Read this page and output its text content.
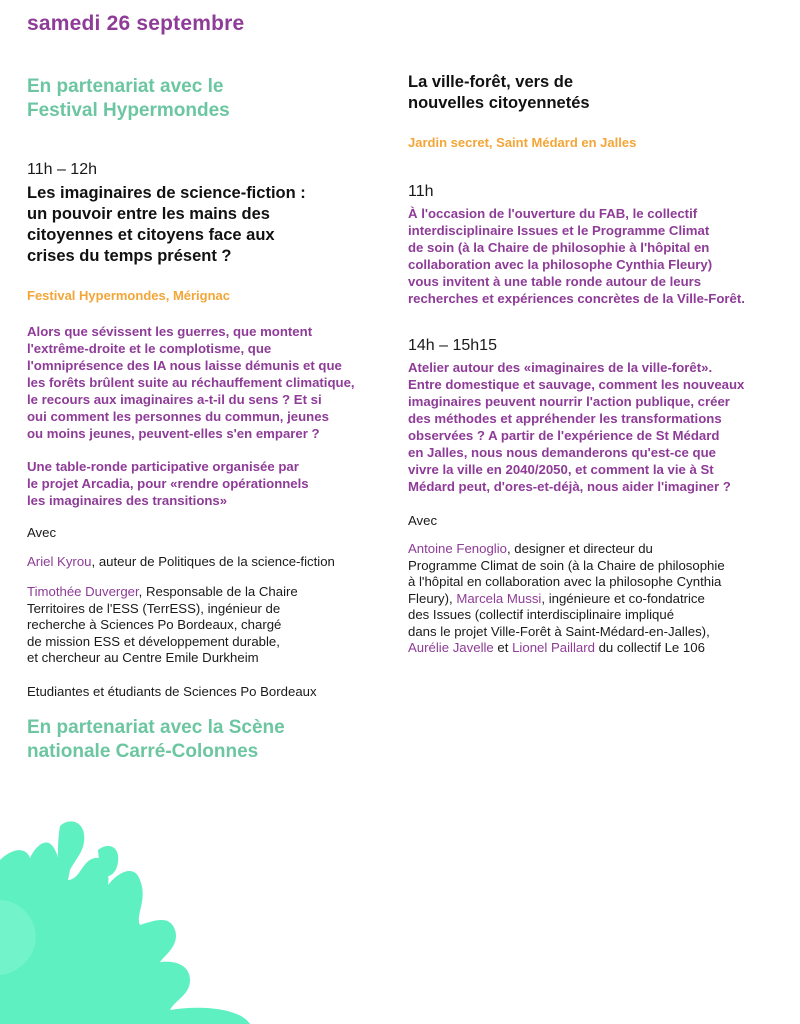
samedi 26 septembre
En partenariat avec le
Festival Hypermondes
11h – 12h
Les imaginaires de science-fiction :
un pouvoir entre les mains des
citoyennes et citoyens face aux
crises du temps présent ?
Festival Hypermondes, Mérignac
Alors que sévissent les guerres, que montent
l'extrême-droite et le complotisme, que
l'omniprésence des IA nous laisse démunis et que
les forêts brûlent suite au réchauffement climatique,
le recours aux imaginaires a-t-il du sens ? Et si
oui comment les personnes du commun, jeunes
ou moins jeunes, peuvent-elles s'en emparer ?
Une table-ronde participative organisée par
le projet Arcadia, pour «rendre opérationnels
les imaginaires des transitions»
Avec
Ariel Kyrou, auteur de Politiques de la science-fiction
Timothée Duverger, Responsable de la Chaire
Territoires de l'ESS (TerrESS), ingénieur de
recherche à Sciences Po Bordeaux, chargé
de mission ESS et développement durable,
et chercheur au Centre Emile Durkheim
Etudiantes et étudiants de Sciences Po Bordeaux
En partenariat avec la Scène
nationale Carré-Colonnes
La ville-forêt, vers de
nouvelles citoyennetés
Jardin secret, Saint Médard en Jalles
11h
À l'occasion de l'ouverture du FAB, le collectif
interdisciplinaire Issues et le Programme Climat
de soin (à la Chaire de philosophie à l'hôpital en
collaboration avec la philosophe Cynthia Fleury)
vous invitent à une table ronde autour de leurs
recherches et expériences concrètes de la Ville-Forêt.
14h – 15h15
Atelier autour des «imaginaires de la ville-forêt».
Entre domestique et sauvage, comment les nouveaux
imaginaires peuvent nourrir l'action publique, créer
des méthodes et appréhender les transformations
observées ? A partir de l'expérience de St Médard
en Jalles, nous nous demanderons qu'est-ce que
vivre la ville en 2040/2050, et comment la vie à St
Médard peut, d'ores-et-déjà, nous aider l'imaginer ?
Avec
Antoine Fenoglio, designer et directeur du
Programme Climat de soin (à la Chaire de philosophie
à l'hôpital en collaboration avec la philosophe Cynthia
Fleury), Marcela Mussi, ingénieure et co-fondatrice
des Issues (collectif interdisciplinaire impliqué
dans le projet Ville-Forêt à Saint-Médard-en-Jalles),
Aurélie Javelle et Lionel Paillard du collectif Le 106
